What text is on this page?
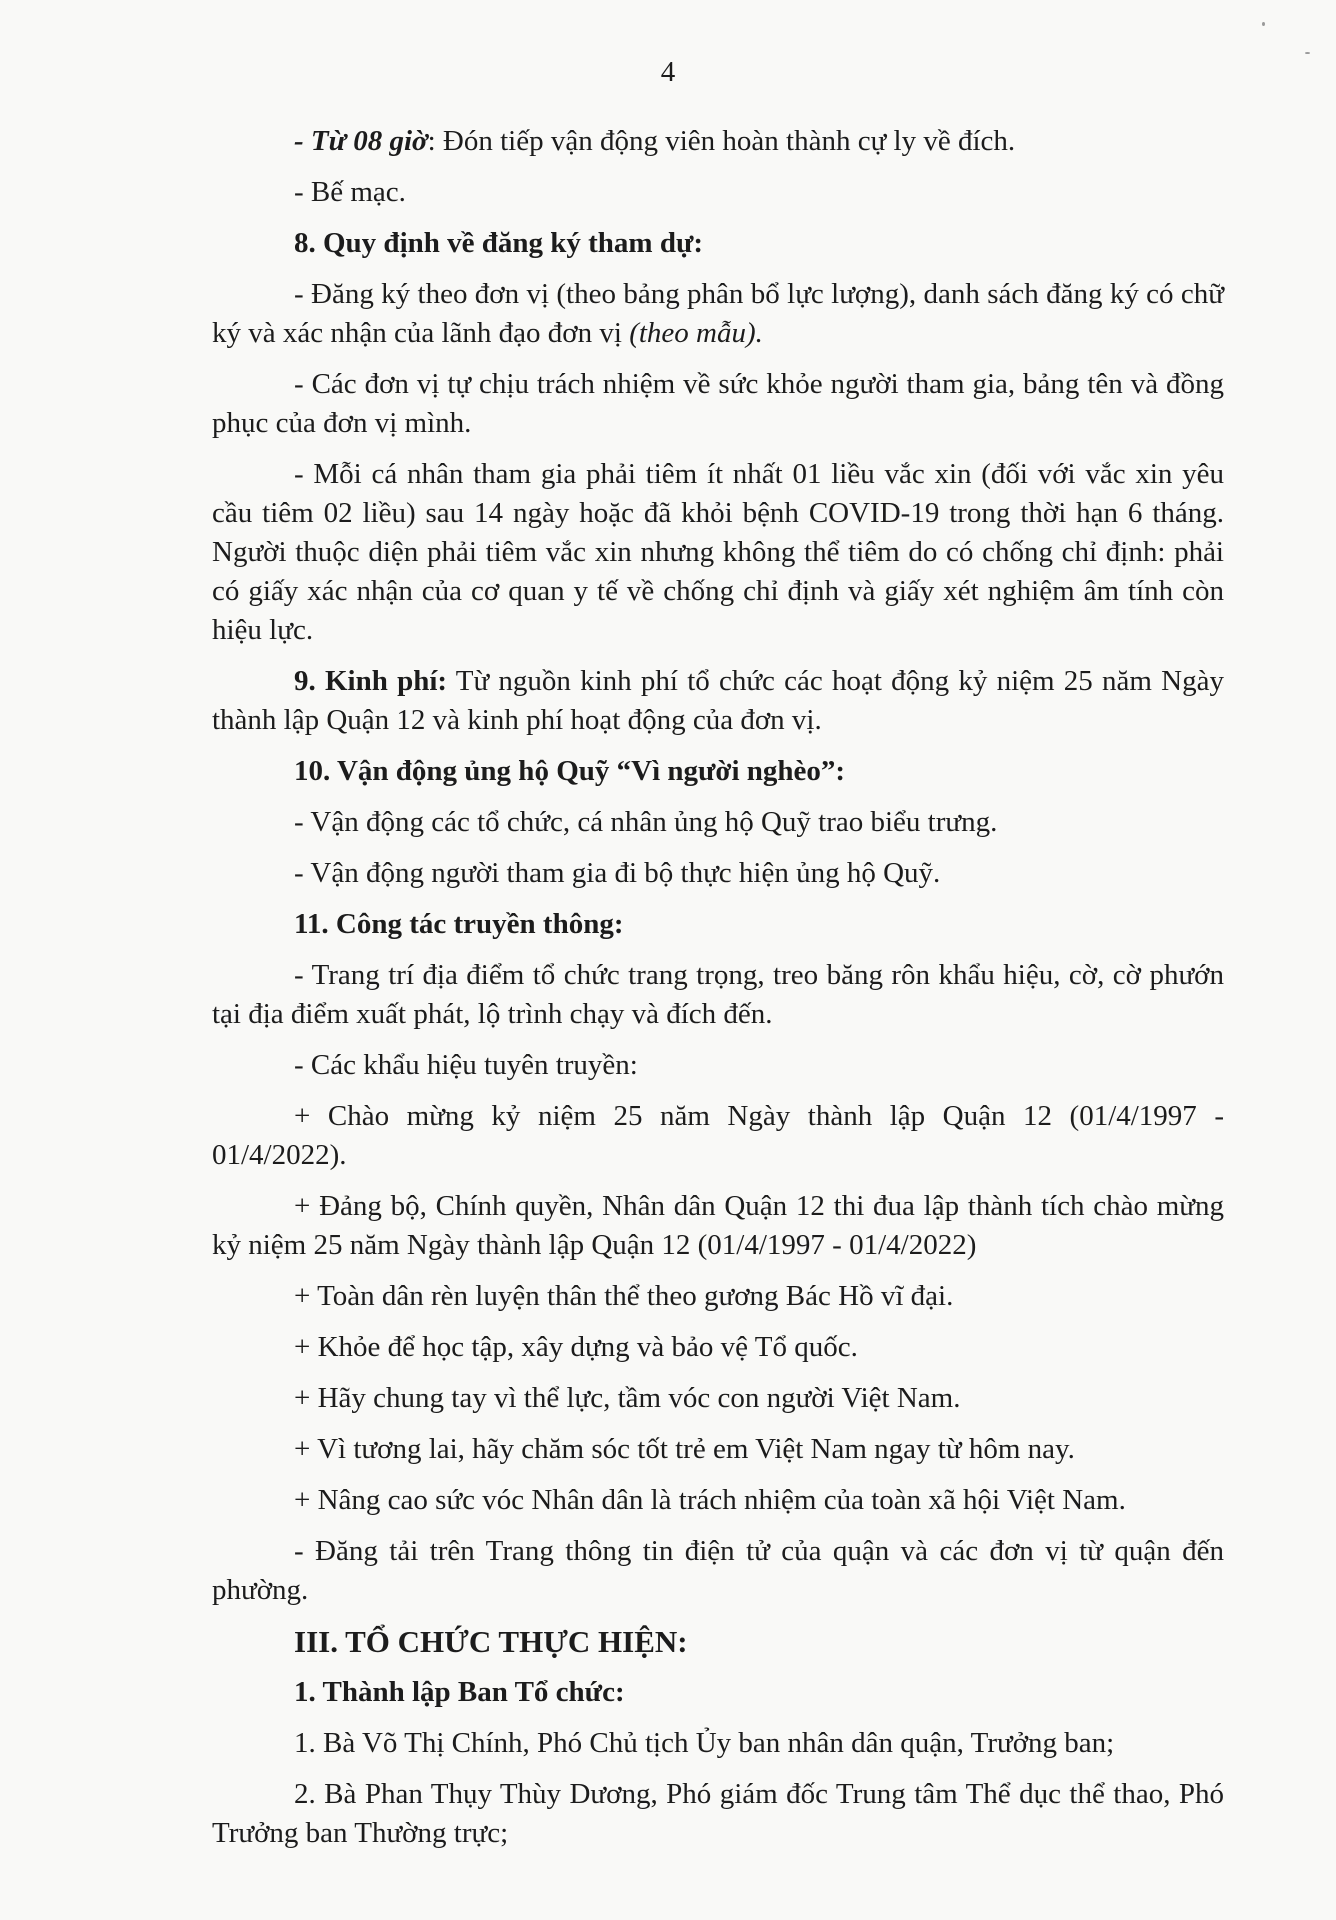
4

- Từ 08 giờ: Đón tiếp vận động viên hoàn thành cự ly về đích.

- Bế mạc.

8. Quy định về đăng ký tham dự:

- Đăng ký theo đơn vị (theo bảng phân bổ lực lượng), danh sách đăng ký có chữ ký và xác nhận của lãnh đạo đơn vị (theo mẫu).

- Các đơn vị tự chịu trách nhiệm về sức khỏe người tham gia, bảng tên và đồng phục của đơn vị mình.

- Mỗi cá nhân tham gia phải tiêm ít nhất 01 liều vắc xin (đối với vắc xin yêu cầu tiêm 02 liều) sau 14 ngày hoặc đã khỏi bệnh COVID-19 trong thời hạn 6 tháng. Người thuộc diện phải tiêm vắc xin nhưng không thể tiêm do có chống chỉ định: phải có giấy xác nhận của cơ quan y tế về chống chỉ định và giấy xét nghiệm âm tính còn hiệu lực.

9. Kinh phí: Từ nguồn kinh phí tổ chức các hoạt động kỷ niệm 25 năm Ngày thành lập Quận 12 và kinh phí hoạt động của đơn vị.

10. Vận động ủng hộ Quỹ “Vì người nghèo”:

- Vận động các tổ chức, cá nhân ủng hộ Quỹ trao biểu trưng.

- Vận động người tham gia đi bộ thực hiện ủng hộ Quỹ.

11. Công tác truyền thông:

- Trang trí địa điểm tổ chức trang trọng, treo băng rôn khẩu hiệu, cờ, cờ phướn tại địa điểm xuất phát, lộ trình chạy và đích đến.

- Các khẩu hiệu tuyên truyền:

+ Chào mừng kỷ niệm 25 năm Ngày thành lập Quận 12 (01/4/1997 - 01/4/2022).

+ Đảng bộ, Chính quyền, Nhân dân Quận 12 thi đua lập thành tích chào mừng kỷ niệm 25 năm Ngày thành lập Quận 12 (01/4/1997 - 01/4/2022)

+ Toàn dân rèn luyện thân thể theo gương Bác Hồ vĩ đại.

+ Khỏe để học tập, xây dựng và bảo vệ Tổ quốc.

+ Hãy chung tay vì thể lực, tầm vóc con người Việt Nam.

+ Vì tương lai, hãy chăm sóc tốt trẻ em Việt Nam ngay từ hôm nay.

+ Nâng cao sức vóc Nhân dân là trách nhiệm của toàn xã hội Việt Nam.

- Đăng tải trên Trang thông tin điện tử của quận và các đơn vị từ quận đến phường.

III. TỔ CHỨC THỰC HIỆN:

1. Thành lập Ban Tổ chức:

1. Bà Võ Thị Chính, Phó Chủ tịch Ủy ban nhân dân quận, Trưởng ban;

2. Bà Phan Thụy Thùy Dương, Phó giám đốc Trung tâm Thể dục thể thao, Phó Trưởng ban Thường trực;
